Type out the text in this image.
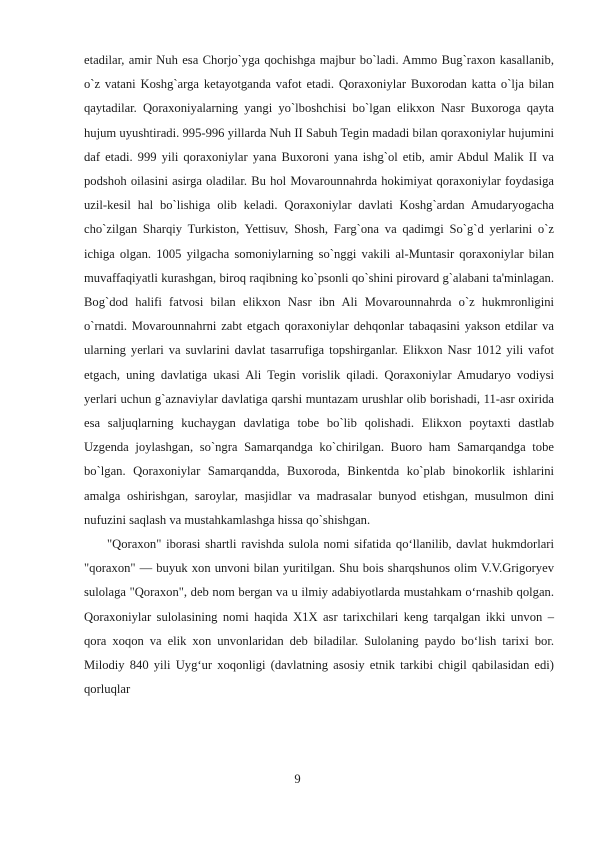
etadilar, amir Nuh esa Chorjo`yga qochishga majbur bo`ladi. Ammo Bug`raxon kasallanib, o`z vatani Koshg`arga ketayotganda vafot etadi. Qoraxoniylar Buxorodan katta o`lja bilan qaytadilar. Qoraxoniyalarning yangi yo`lboshchisi bo`lgan elikxon Nasr Buxoroga qayta hujum uyushtiradi. 995-996 yillarda Nuh II Sabuh Tegin madadi bilan qoraxoniylar hujumini daf etadi. 999 yili qoraxoniylar yana Buxoroni yana ishg`ol etib, amir Abdul Malik II va podshoh oilasini asirga oladilar. Bu hol Movarounnahrda hokimiyat qoraxoniylar foydasiga uzil-kesil hal bo`lishiga olib keladi. Qoraxoniylar davlati Koshg`ardan Amudaryogacha cho`zilgan Sharqiy Turkiston, Yettisuv, Shosh, Farg`ona va qadimgi So`g`d yerlarini o`z ichiga olgan. 1005 yilgacha somoniylarning so`nggi vakili al-Muntasir qoraxoniylar bilan muvaffaqiyatli kurashgan, biroq raqibning ko`psonli qo`shini pirovard g`alabani ta'minlagan. Bog`dod halifi fatvosi bilan elikxon Nasr ibn Ali Movarounnahrda o`z hukmronligini o`rnatdi. Movarounnahrni zabt etgach qoraxoniylar dehqonlar tabaqasini yakson etdilar va ularning yerlari va suvlarini davlat tasarrufiga topshirganlar. Elikxon Nasr 1012 yili vafot etgach, uning davlatiga ukasi Ali Tegin vorislik qiladi. Qoraxoniylar Amudaryo vodiysi yerlari uchun g`aznaviylar davlatiga qarshi muntazam urushlar olib borishadi, 11-asr oxirida esa saljuqlarning kuchaygan davlatiga tobe bo`lib qolishadi. Elikxon poytaxti dastlab Uzgenda joylashgan, so`ngra Samarqandga ko`chirilgan. Buoro ham Samarqandga tobe bo`lgan. Qoraxoniylar Samarqandda, Buxoroda, Binkentda ko`plab binokorlik ishlarini amalga oshirishgan, saroylar, masjidlar va madrasalar bunyod etishgan, musulmon dini nufuzini saqlash va mustahkamlashga hissa qo`shishgan.

"Qoraxon" iborasi shartli ravishda sulola nomi sifatida qo‘llanilib, davlat hukmdorlari "qoraxon" — buyuk xon unvoni bilan yuritilgan. Shu bois sharqshunos olim V.V.Grigoryev sulolaga "Qoraxon", deb nom bergan va u ilmiy adabiyotlarda mustahkam o‘rnashib qolgan. Qoraxoniylar sulolasining nomi haqida X1X asr tarixchilari keng tarqalgan ikki unvon – qora xoqon va elik xon unvonlaridan deb biladilar. Sulolaning paydo bo‘lish tarixi bor. Milodiy 840 yili Uyg‘ur xoqonligi (davlatning asosiy etnik tarkibi chigil qabilasidan edi) qorluqlar

9
